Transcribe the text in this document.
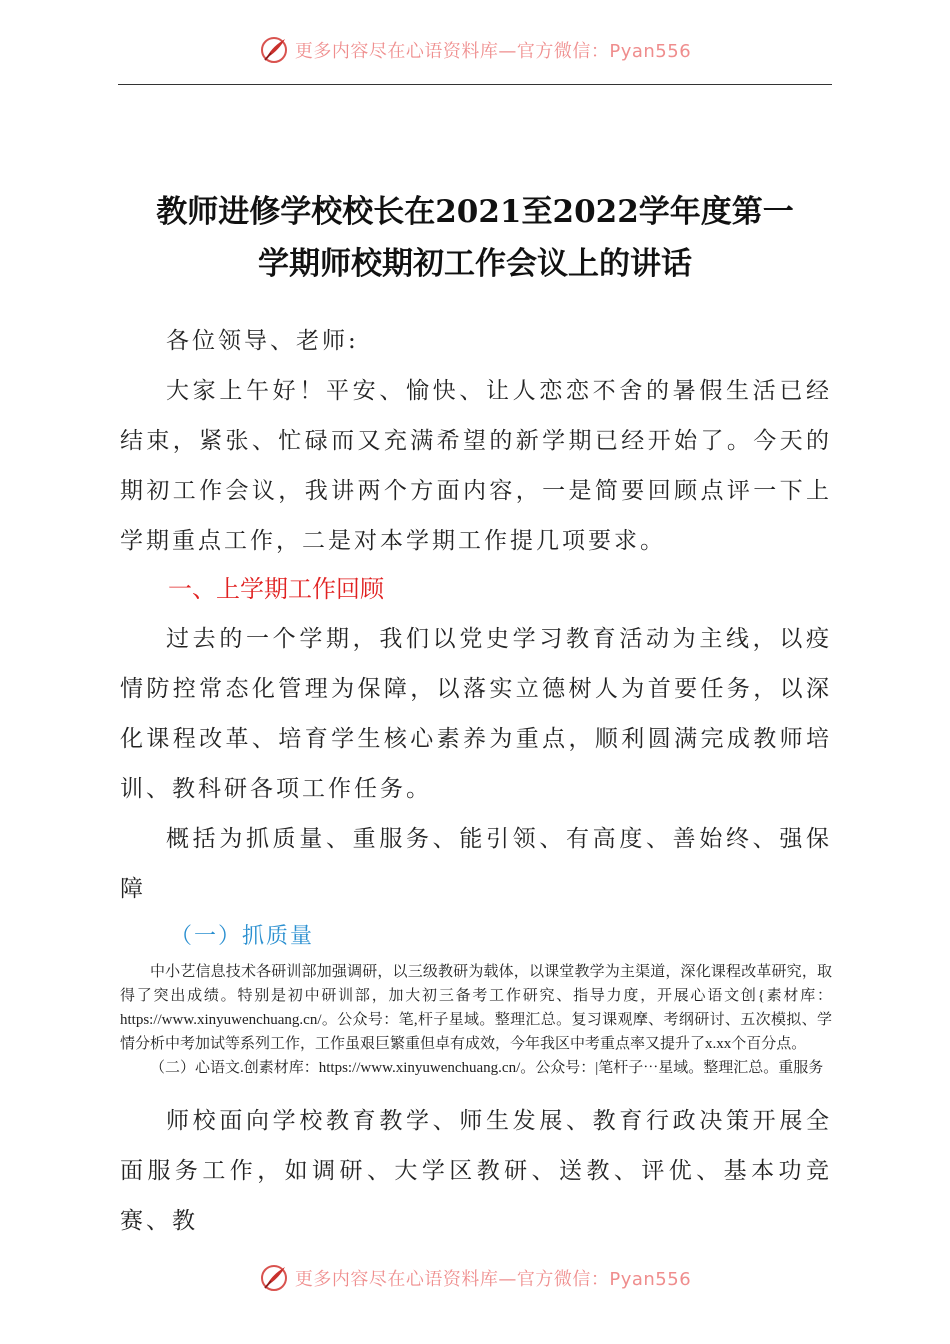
更多内容尽在心语资料库—官方微信：Pyan556
教师进修学校校长在2021至2022学年度第一
学期师校期初工作会议上的讲话

各位领导、老师:

大家上午好！平安、愉快、让人恋恋不舍的暑假生活已经结束，紧张、忙碌而又充满希望的新学期已经开始了。今天的期初工作会议，我讲两个方面内容，一是简要回顾点评一下上学期重点工作，二是对本学期工作提几项要求。

一、上学期工作回顾

过去的一个学期，我们以党史学习教育活动为主线，以疫情防控常态化管理为保障，以落实立德树人为首要任务，以深化课程改革、培育学生核心素养为重点，顺利圆满完成教师培训、教科研各项工作任务。

概括为抓质量、重服务、能引领、有高度、善始终、强保障

（一）抓质量

中小艺信息技术各研训部加强调研，以三级教研为载体，以课堂教学为主渠道，深化课程改革研究，取得了突出成绩。特别是初中研训部，加大初三备考工作研究、指导力度，开展心语文创{素材库：https://www.xinyuwenchuang.cn/。公众号：笔,杆子星域。整理汇总。复习课观摩、考纲研讨、五次模拟、学情分析中考加试等系列工作，工作虽艰巨繁重但卓有成效，今年我区中考重点率又提升了x.xx个百分点。

（二）心语文.创素材库：https://www.xinyuwenchuang.cn/。公众号：|笔杆子⋯星域。整理汇总。重服务

师校面向学校教育教学、师生发展、教育行政决策开展全面服务工作，如调研、大学区教研、送教、评优、基本功竞赛、教

更多内容尽在心语资料库—官方微信：Pyan556
